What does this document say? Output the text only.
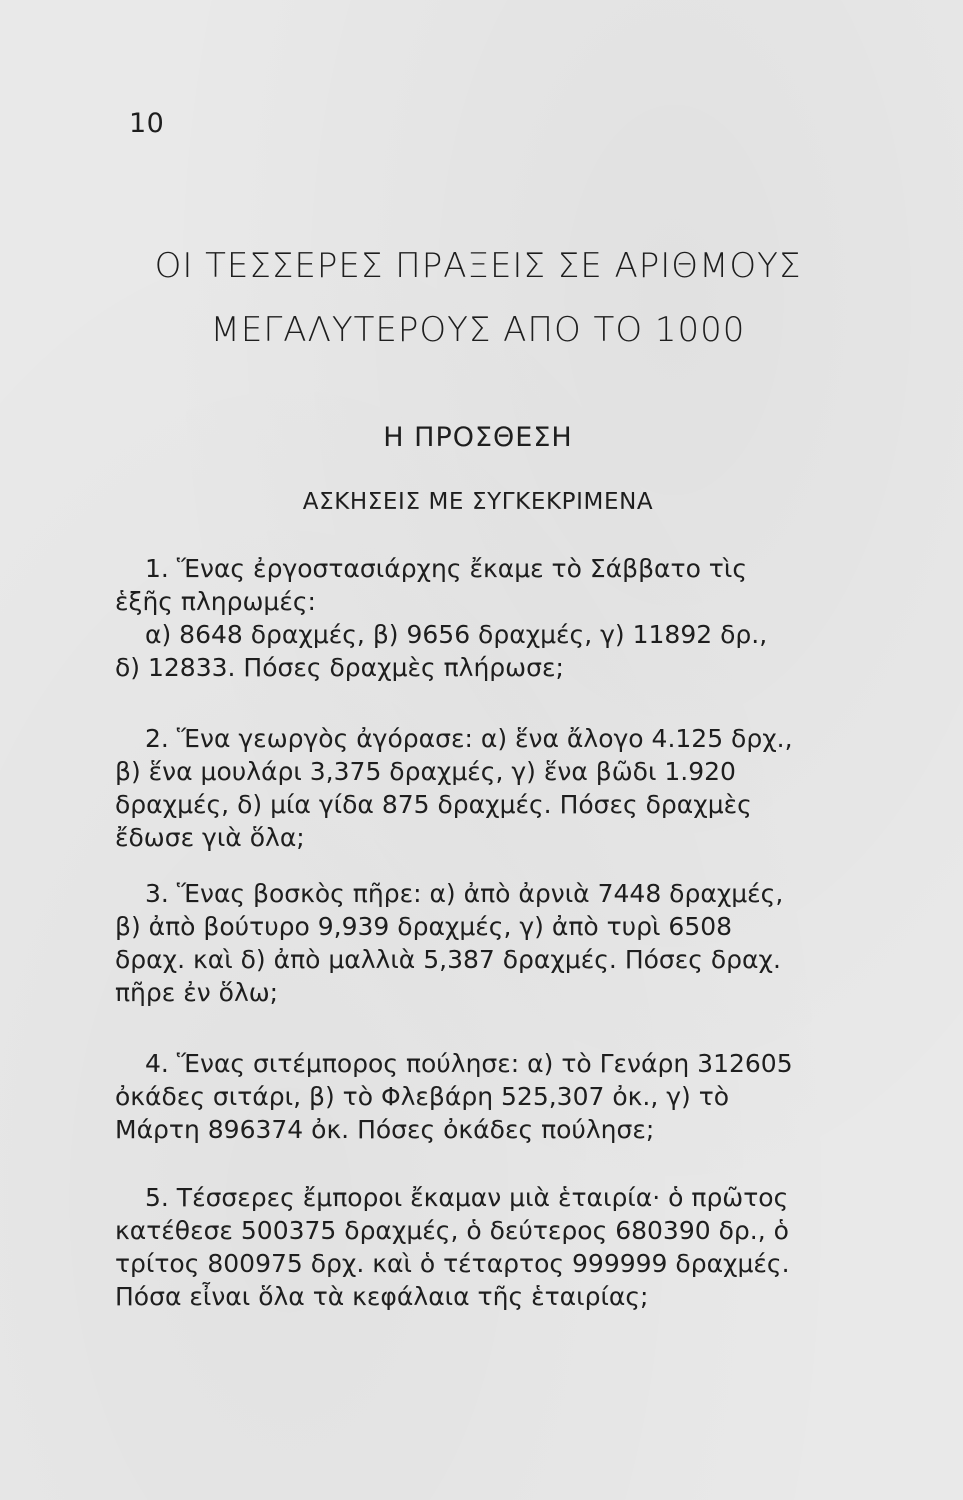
10
ΟΙ ΤΕΣΣΕΡΕΣ ΠΡΑΞΕΙΣ ΣΕ ΑΡΙΘΜΟΥΣ
ΜΕΓΑΛΥΤΕΡΟΥΣ ΑΠΟ ΤΟ 1000
Η ΠΡΟΣΘΕΣΗ
ΑΣΚΗΣΕΙΣ ΜΕ ΣΥΓΚΕΚΡΙΜΕΝΑ
1. Ἕνας ἐργοστασιάρχης ἔκαμε τὸ Σάββατο τὶς
ἑξῆς πληρωμές:
α) 8648 δραχμές, β) 9656 δραχμές, γ) 11892 δρ.,
δ) 12833. Πόσες δραχμὲς πλήρωσε;
2. Ἕνα γεωργὸς ἀγόρασε: α) ἕνα ἄλογο 4.125 δρχ.,
β) ἕνα μουλάρι 3,375 δραχμές, γ) ἕνα βῶδι 1.920
δραχμές, δ) μία γίδα 875 δραχμές. Πόσες δραχμὲς
ἔδωσε γιὰ ὅλα;
3. Ἕνας βοσκὸς πῆρε: α) ἀπὸ ἀρνιὰ 7448 δραχμές,
β) ἀπὸ βούτυρο 9,939 δραχμές, γ) ἀπὸ τυρὶ 6508
δραχ. καὶ δ) ἀπὸ μαλλιὰ 5,387 δραχμές. Πόσες δραχ.
πῆρε ἐν ὅλω;
4. Ἕνας σιτέμπορος πούλησε: α) τὸ Γενάρη 312605
ὀκάδες σιτάρι, β) τὸ Φλεβάρη 525,307 ὀκ., γ) τὸ
Μάρτη 896374 ὀκ. Πόσες ὀκάδες πούλησε;
5. Τέσσερες ἔμποροι ἔκαμαν μιὰ ἑταιρία· ὁ πρῶτος
κατέθεσε 500375 δραχμές, ὁ δεύτερος 680390 δρ., ὁ
τρίτος 800975 δρχ. καὶ ὁ τέταρτος 999999 δραχμές.
Πόσα εἶναι ὅλα τὰ κεφάλαια τῆς ἑταιρίας;
